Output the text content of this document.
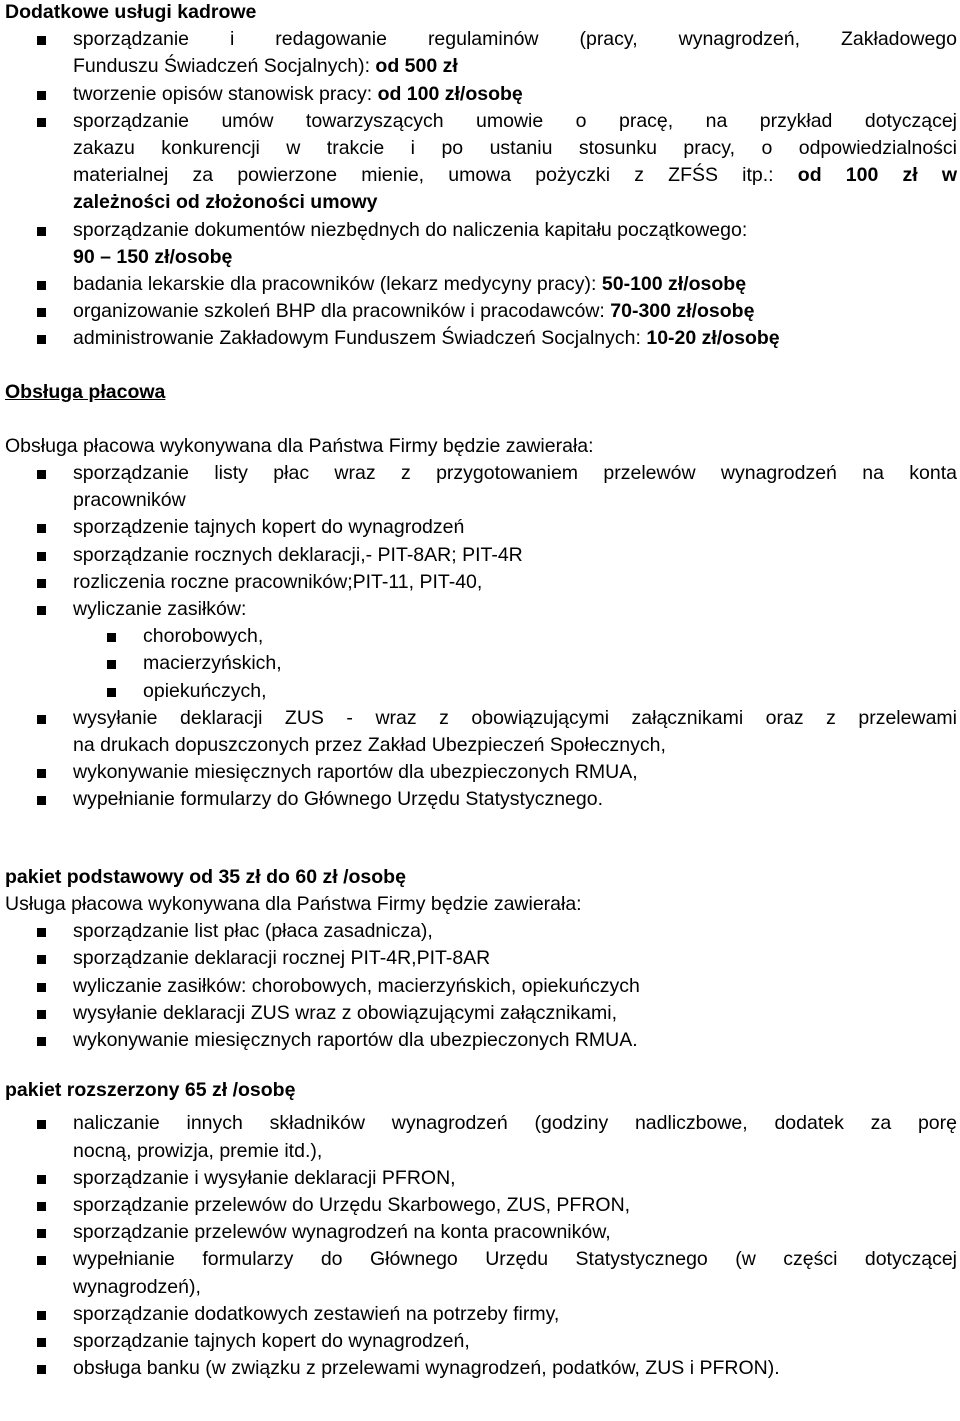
Dodatkowe usługi kadrowe
sporządzanie i redagowanie regulaminów (pracy, wynagrodzeń, Zakładowego
Funduszu Świadczeń Socjalnych): od 500 zł
tworzenie opisów stanowisk pracy: od 100 zł/osobę
sporządzanie umów towarzyszących umowie o pracę, na przykład dotyczącej
zakazu konkurencji w trakcie i po ustaniu stosunku pracy, o odpowiedzialności
materialnej za powierzone mienie, umowa pożyczki z ZFŚS itp.: od 100 zł w
zależności od złożoności umowy
sporządzanie dokumentów niezbędnych do naliczenia kapitału początkowego:
90 – 150 zł/osobę
badania lekarskie dla pracowników (lekarz medycyny pracy): 50-100 zł/osobę
organizowanie szkoleń BHP dla pracowników i pracodawców: 70-300 zł/osobę
administrowanie Zakładowym Funduszem Świadczeń Socjalnych: 10-20 zł/osobę
Obsługa płacowa
Obsługa płacowa wykonywana dla Państwa Firmy będzie zawierała:
sporządzanie listy płac wraz z przygotowaniem przelewów wynagrodzeń na konta
pracowników
sporządzenie tajnych kopert do wynagrodzeń
sporządzanie rocznych deklaracji,- PIT-8AR; PIT-4R
rozliczenia roczne pracowników;PIT-11, PIT-40,
wyliczanie zasiłków:
chorobowych,
macierzyńskich,
opiekuńczych,
wysyłanie deklaracji ZUS - wraz z obowiązującymi załącznikami oraz z przelewami
na drukach dopuszczonych przez Zakład Ubezpieczeń Społecznych,
wykonywanie miesięcznych raportów dla ubezpieczonych RMUA,
wypełnianie formularzy do Głównego Urzędu Statystycznego.
pakiet podstawowy od 35 zł do 60 zł /osobę
Usługa płacowa wykonywana dla Państwa Firmy będzie zawierała:
sporządzanie list płac (płaca zasadnicza),
sporządzanie deklaracji rocznej PIT-4R,PIT-8AR
wyliczanie zasiłków: chorobowych, macierzyńskich, opiekuńczych
wysyłanie deklaracji ZUS wraz z obowiązującymi załącznikami,
wykonywanie miesięcznych raportów dla ubezpieczonych RMUA.
pakiet rozszerzony 65 zł /osobę
naliczanie innych składników wynagrodzeń (godziny nadliczbowe, dodatek za porę
nocną, prowizja, premie itd.),
sporządzanie i wysyłanie deklaracji PFRON,
sporządzanie przelewów do Urzędu Skarbowego, ZUS, PFRON,
sporządzanie przelewów wynagrodzeń na konta pracowników,
wypełnianie formularzy do Głównego Urzędu Statystycznego (w części dotyczącej
wynagrodzeń),
sporządzanie dodatkowych zestawień na potrzeby firmy,
sporządzanie tajnych kopert do wynagrodzeń,
obsługa banku (w związku z przelewami wynagrodzeń, podatków, ZUS i PFRON).
